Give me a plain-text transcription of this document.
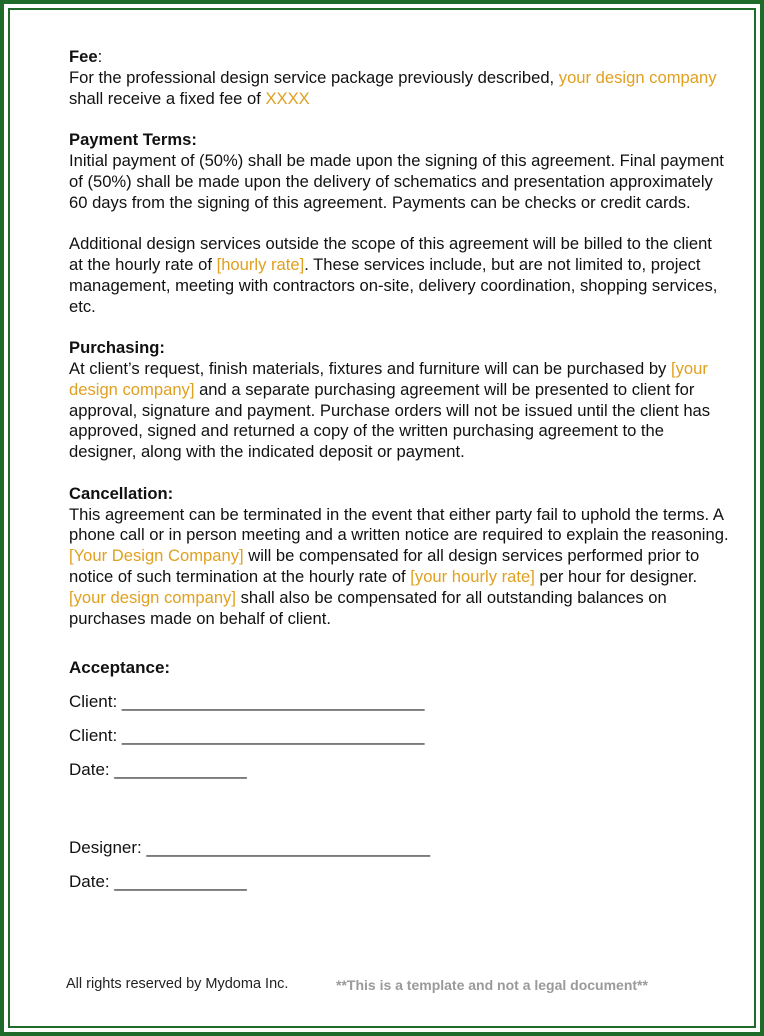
Fee:

For the professional design service package previously described, your design company shall receive a fixed fee of XXXX

Payment Terms:

Initial payment of (50%) shall be made upon the signing of this agreement. Final payment of (50%) shall be made upon the delivery of schematics and presentation approximately 60 days from the signing of this agreement. Payments can be checks or credit cards.

Additional design services outside the scope of this agreement will be billed to the client at the hourly rate of [hourly rate]. These services include, but are not limited to, project management, meeting with contractors on-site, delivery coordination, shopping services, etc.

Purchasing:

At client’s request, finish materials, fixtures and furniture will can be purchased by [your design company] and a separate purchasing agreement will be presented to client for approval, signature and payment. Purchase orders will not be issued until the client has approved, signed and returned a copy of the written purchasing agreement to the designer, along with the indicated deposit or payment.

Cancellation:

This agreement can be terminated in the event that either party fail to uphold the terms. A phone call or in person meeting and a written notice are required to explain the reasoning. [Your Design Company] will be compensated for all design services performed prior to notice of such termination at the hourly rate of [your hourly rate] per hour for designer. [your design company] shall also be compensated for all outstanding balances on purchases made on behalf of client.

Acceptance:
Client: ________________________________
Client: ________________________________
Date: ______________
Designer: ______________________________
Date: ______________
All rights reserved by Mydoma Inc.	**This is a template and not a legal document**
